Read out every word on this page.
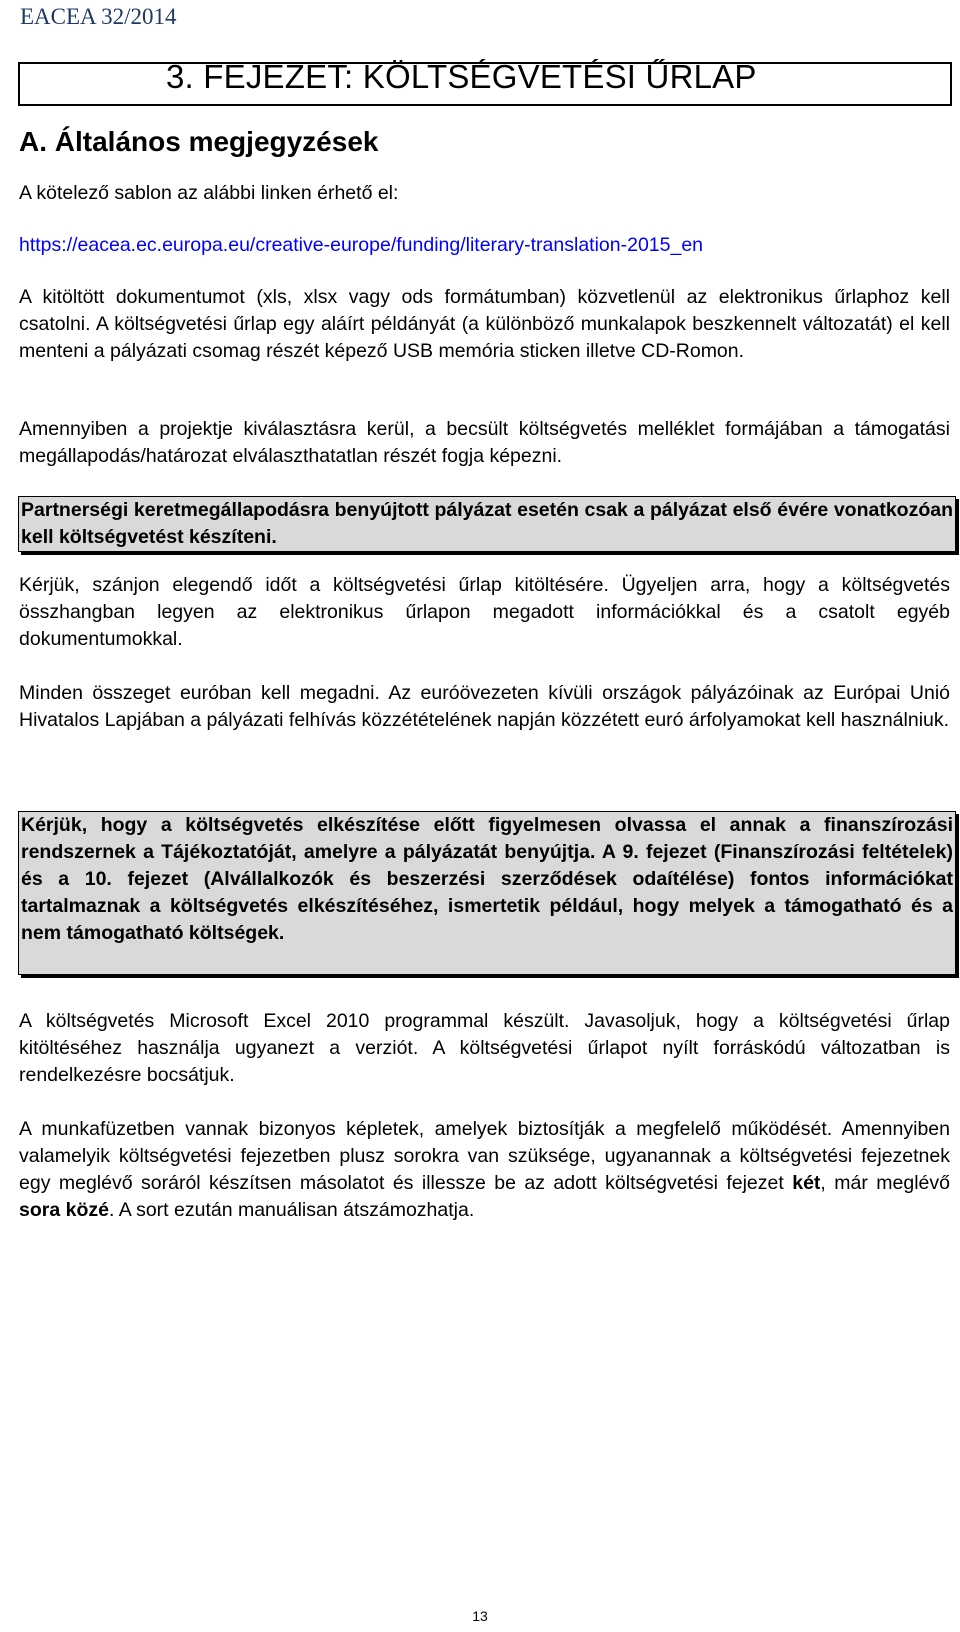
EACEA 32/2014
3. FEJEZET: KÖLTSÉGVETÉSI ŰRLAP
A. Általános megjegyzések

A kötelező sablon az alábbi linken érhető el:

https://eacea.ec.europa.eu/creative-europe/funding/literary-translation-2015_en

A kitöltött dokumentumot (xls, xlsx vagy ods formátumban) közvetlenül az elektronikus űrlaphoz kell csatolni. A költségvetési űrlap egy aláírt példányát (a különböző munkalapok beszkennelt változatát) el kell menteni a pályázati csomag részét képező USB memória sticken illetve CD-Romon.

Amennyiben a projektje kiválasztásra kerül, a becsült költségvetés melléklet formájában a támogatási megállapodás/határozat elválaszthatatlan részét fogja képezni.

Partnerségi keretmegállapodásra benyújtott pályázat esetén csak a pályázat első évére vonatkozóan kell költségvetést készíteni.

Kérjük, szánjon elegendő időt a költségvetési űrlap kitöltésére. Ügyeljen arra, hogy a költségvetés összhangban legyen az elektronikus űrlapon megadott információkkal és a csatolt egyéb dokumentumokkal.

Minden összeget euróban kell megadni. Az euróövezeten kívüli országok pályázóinak az Európai Unió Hivatalos Lapjában a pályázati felhívás közzétételének napján közzétett euró árfolyamokat kell használniuk.

Kérjük, hogy a költségvetés elkészítése előtt figyelmesen olvassa el annak a finanszírozási rendszernek a Tájékoztatóját, amelyre a pályázatát benyújtja. A 9. fejezet (Finanszírozási feltételek) és a 10. fejezet (Alvállalkozók és beszerzési szerződések odaítélése) fontos információkat tartalmaznak a költségvetés elkészítéséhez, ismertetik például, hogy melyek a támogatható és a nem támogatható költségek.

A költségvetés Microsoft Excel 2010 programmal készült. Javasoljuk, hogy a költségvetési űrlap kitöltéséhez használja ugyanezt a verziót. A költségvetési űrlapot nyílt forráskódú változatban is rendelkezésre bocsátjuk.

A munkafüzetben vannak bizonyos képletek, amelyek biztosítják a megfelelő működését. Amennyiben valamelyik költségvetési fejezetben plusz sorokra van szüksége, ugyanannak a költségvetési fejezetnek egy meglévő soráról készítsen másolatot és illessze be az adott költségvetési fejezet két, már meglévő sora közé. A sort ezután manuálisan átszámozhatja.

13
